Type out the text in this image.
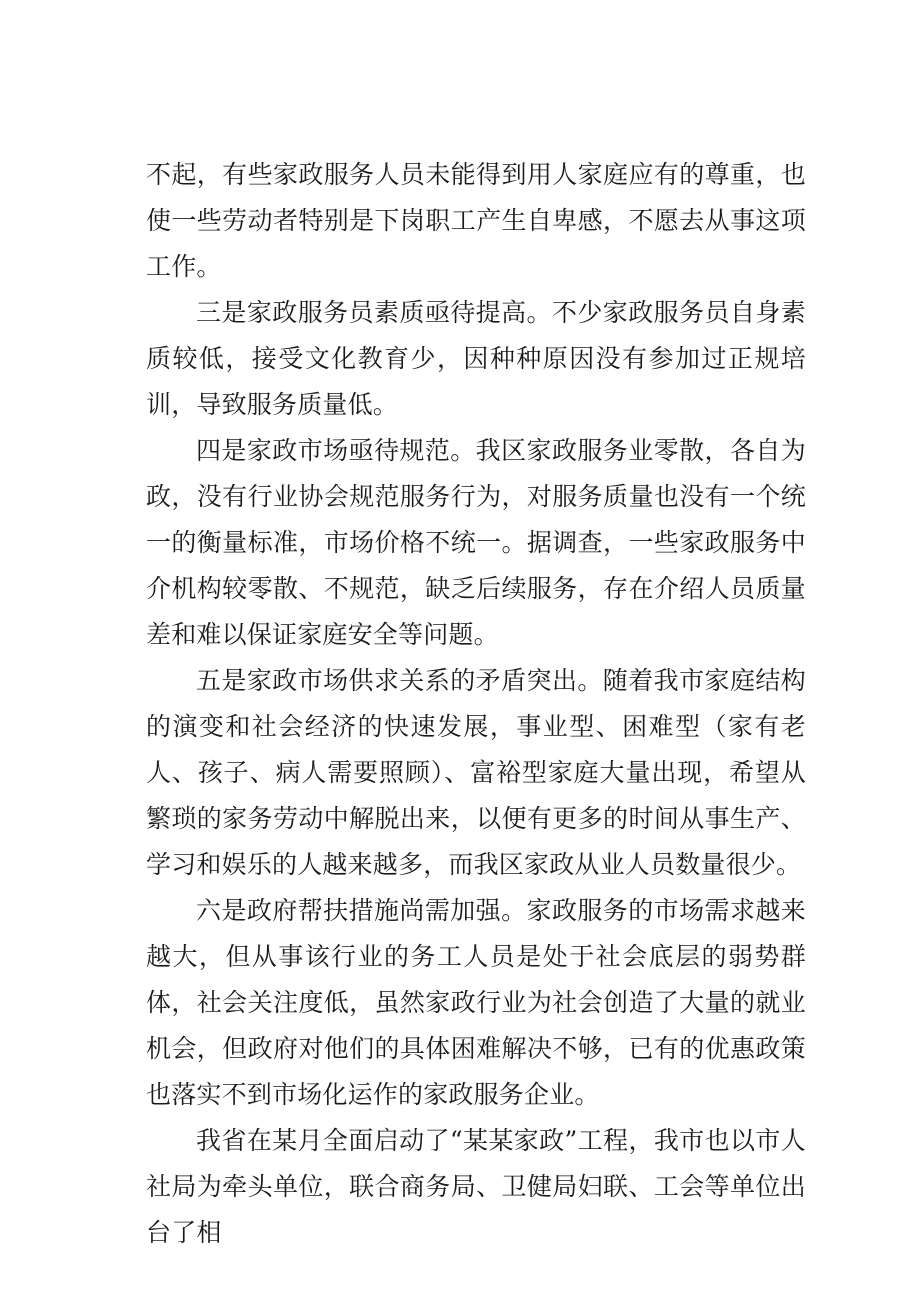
不起，有些家政服务人员未能得到用人家庭应有的尊重，也使一些劳动者特别是下岗职工产生自卑感，不愿去从事这项工作。

三是家政服务员素质亟待提高。不少家政服务员自身素质较低，接受文化教育少，因种种原因没有参加过正规培训，导致服务质量低。

四是家政市场亟待规范。我区家政服务业零散，各自为政，没有行业协会规范服务行为，对服务质量也没有一个统一的衡量标准，市场价格不统一。据调查，一些家政服务中介机构较零散、不规范，缺乏后续服务，存在介绍人员质量差和难以保证家庭安全等问题。

五是家政市场供求关系的矛盾突出。随着我市家庭结构的演变和社会经济的快速发展，事业型、困难型（家有老人、孩子、病人需要照顾）、富裕型家庭大量出现，希望从繁琐的家务劳动中解脱出来，以便有更多的时间从事生产、学习和娱乐的人越来越多，而我区家政从业人员数量很少。

六是政府帮扶措施尚需加强。家政服务的市场需求越来越大，但从事该行业的务工人员是处于社会底层的弱势群体，社会关注度低，虽然家政行业为社会创造了大量的就业机会，但政府对他们的具体困难解决不够，已有的优惠政策也落实不到市场化运作的家政服务企业。

我省在某月全面启动了“某某家政”工程，我市也以市人社局为牵头单位，联合商务局、卫健局妇联、工会等单位出台了相
